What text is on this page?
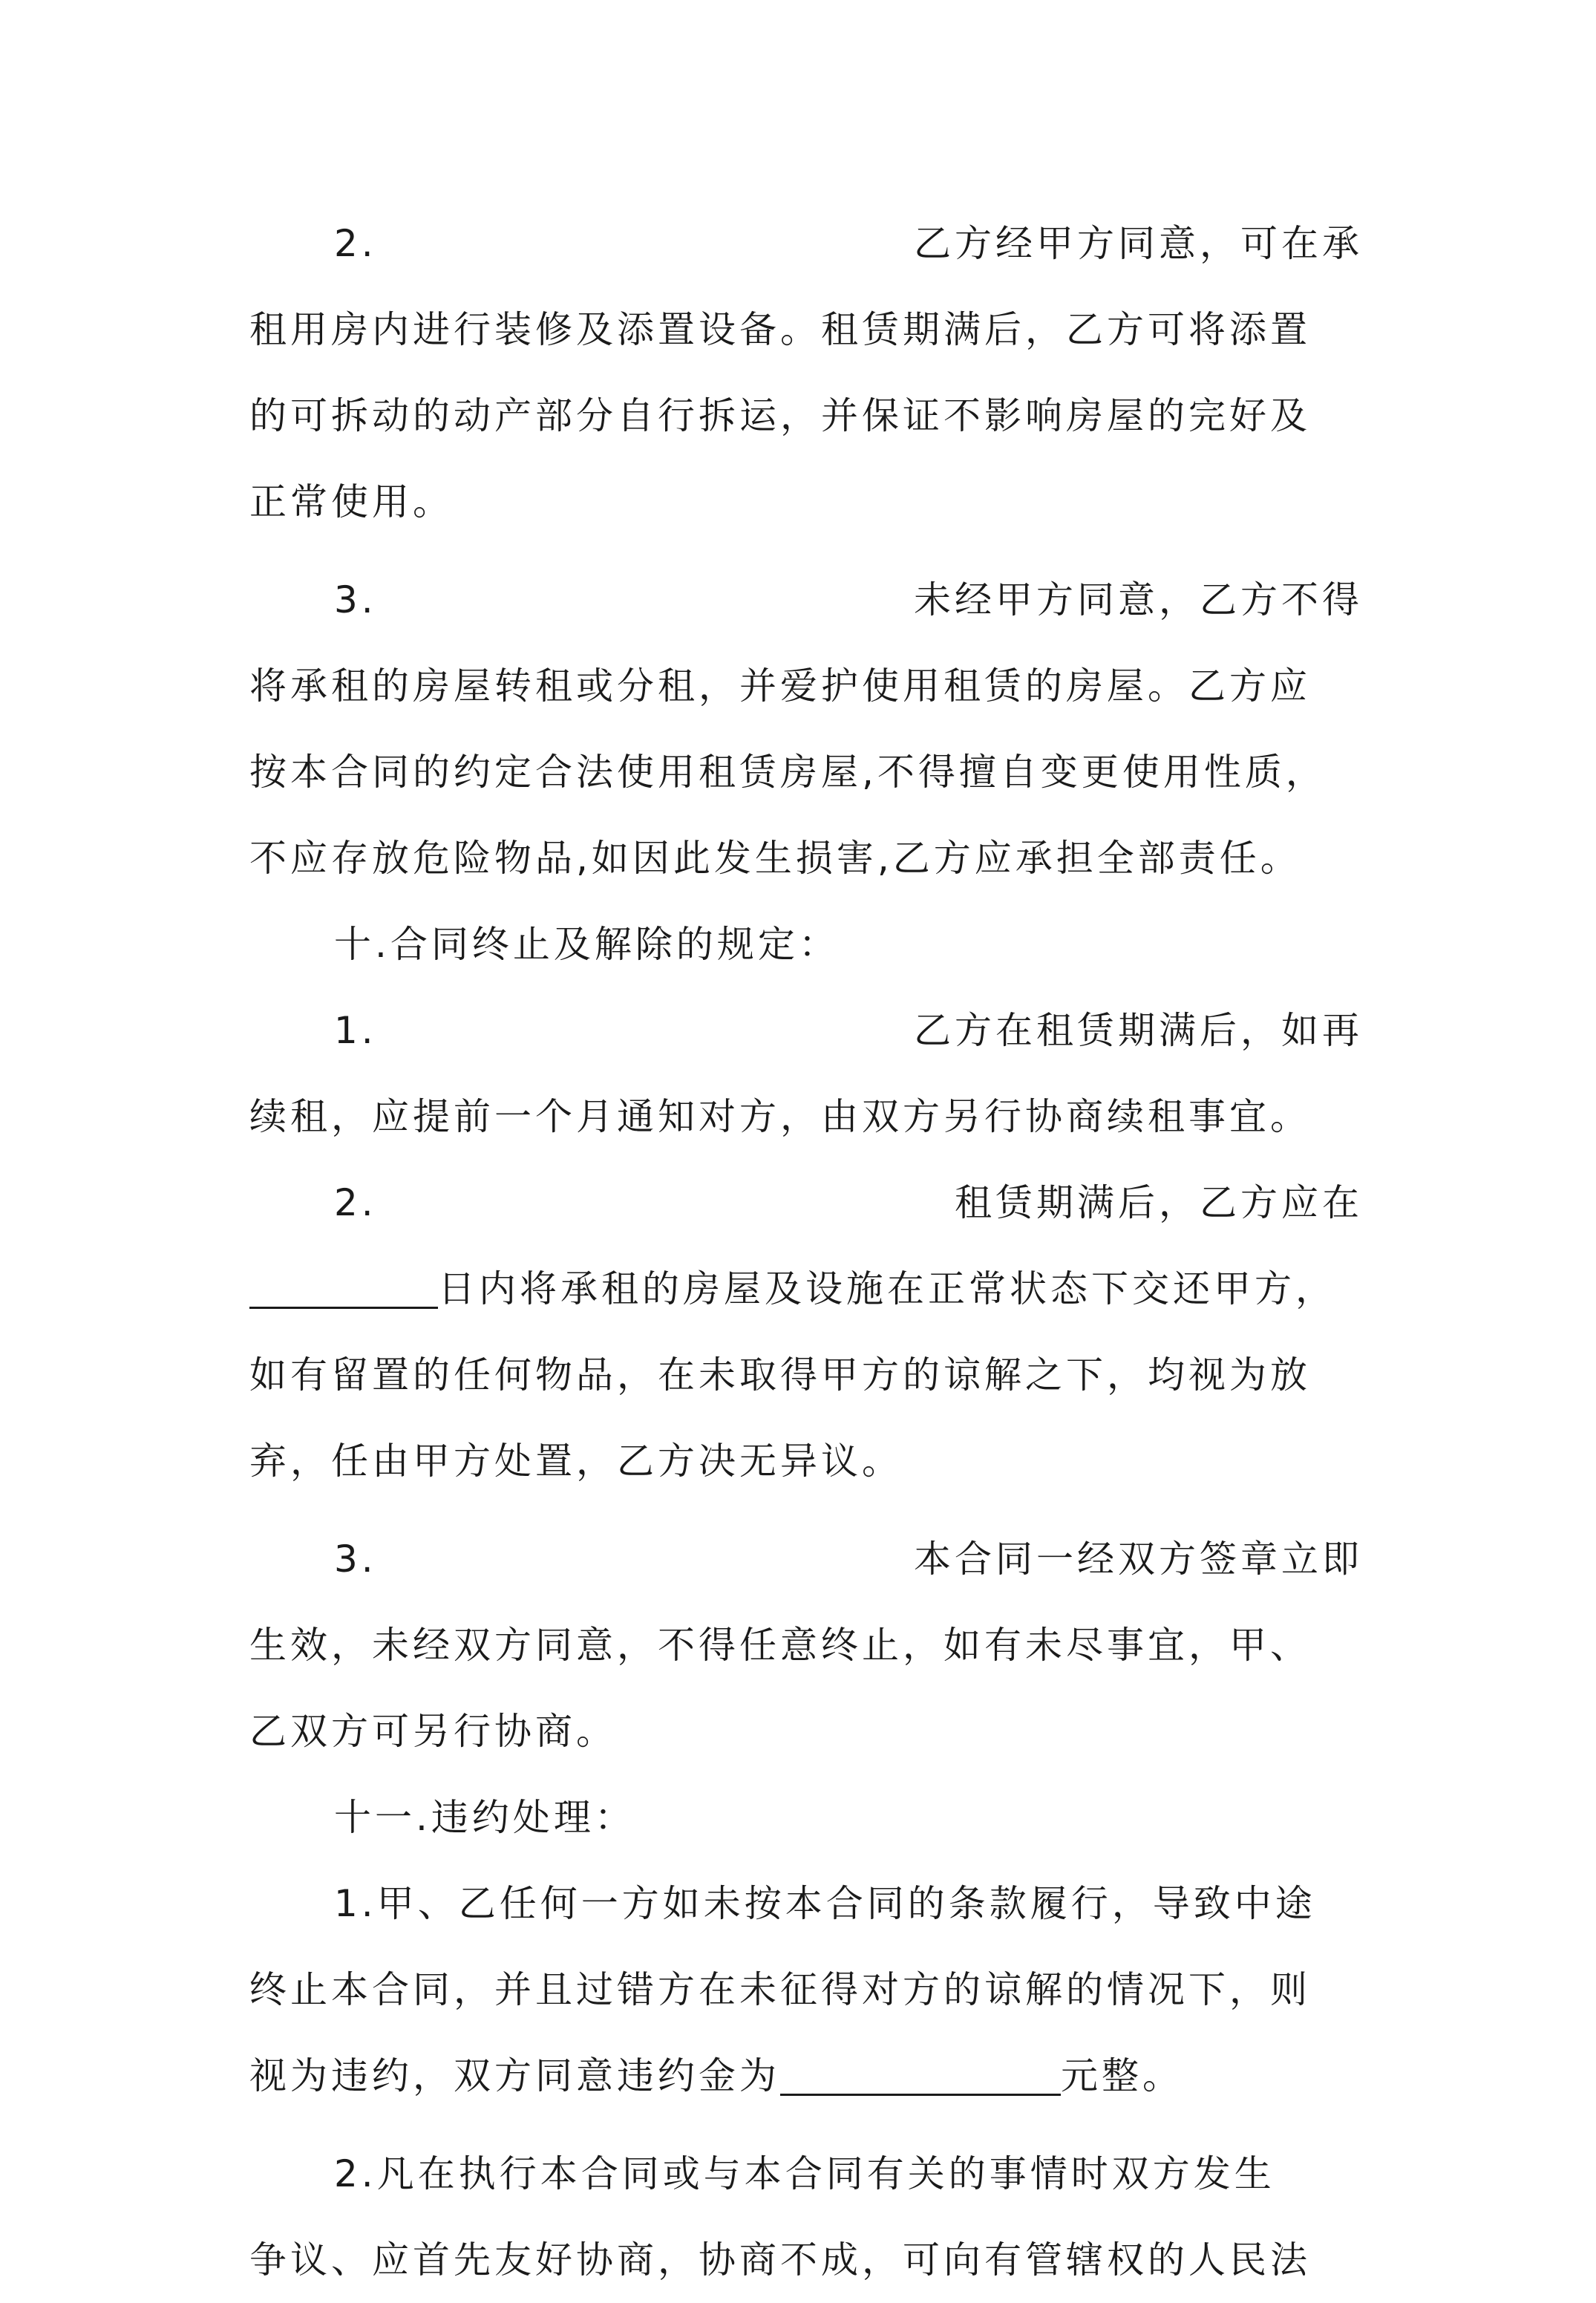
2.	乙方经甲方同意，可在承
租用房内进行装修及添置设备。租赁期满后，乙方可将添置
的可拆动的动产部分自行拆运，并保证不影响房屋的完好及
正常使用。
3.	未经甲方同意，乙方不得
将承租的房屋转租或分租，并爱护使用租赁的房屋。乙方应
按本合同的约定合法使用租赁房屋,不得擅自变更使用性质，
不应存放危险物品,如因此发生损害,乙方应承担全部责任。
十.合同终止及解除的规定：
1.	乙方在租赁期满后，如再
续租，应提前一个月通知对方，由双方另行协商续租事宜。
2.	租赁期满后，乙方应在
日内将承租的房屋及设施在正常状态下交还甲方，
如有留置的任何物品，在未取得甲方的谅解之下，均视为放
弃，任由甲方处置，乙方决无异议。
3.	本合同一经双方签章立即
生效，未经双方同意，不得任意终止，如有未尽事宜，甲、
乙双方可另行协商。
十一.违约处理：
1.甲、乙任何一方如未按本合同的条款履行，导致中途
终止本合同，并且过错方在未征得对方的谅解的情况下，则
视为违约，双方同意违约金为	元整。
2.凡在执行本合同或与本合同有关的事情时双方发生
争议、应首先友好协商，协商不成，可向有管辖权的人民法
